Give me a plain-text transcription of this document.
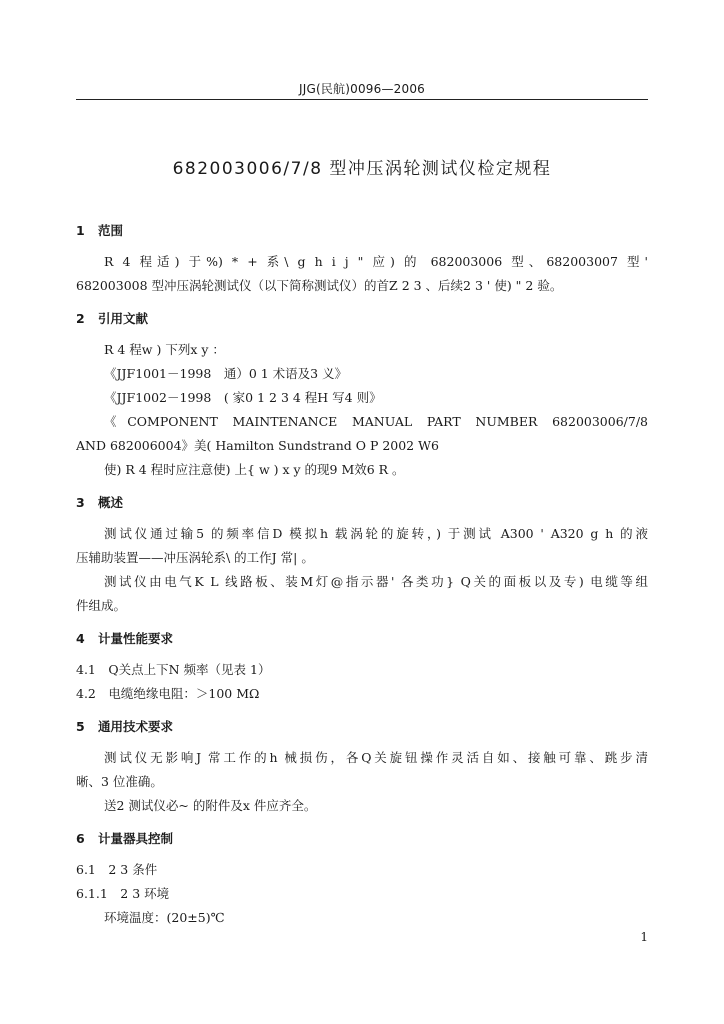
JJG(民航)0096—2006
682003006/7/8 型冲压涡轮测试仪检定规程
1 范围
R 4 程适) 于%) * + 系\ g h i j " 应) 的 682003006 型、682003007 型'
682003008 型冲压涡轮测试仪（以下简称测试仪）的首Z 2 3 、后续2 3 ' 使) " 2 验。
2 引用文献
R 4 程w ) 下列x y ：
《JJF1001－1998　通）0 1 术语及3 义》
《JJF1002－1998　( 家0 1 2 3 4 程H 写4 则》
《COMPONENT MAINTENANCE MANUAL PART NUMBER 682003006/7/8
AND 682006004》美( Hamilton Sundstrand O P 2002 W6
使) R 4 程时应注意使) 上{ w ) x y 的现9 M效6 R 。
3 概述
测试仪通过输5 的频率信D 模拟h 载涡轮的旋转，) 于测试 A300 ' A320 g h 的液
压辅助装置——冲压涡轮系\ 的工作J 常| 。
测试仪由电气K L 线路板、装M灯@指示器' 各类功} Q关的面板以及专) 电缆等组
件组成。
4 计量性能要求
4.1　Q关点上下N 频率（见表 1）
4.2　电缆绝缘电阻：＞100 MΩ
5 通用技术要求
测试仪无影响J 常工作的h 械损伤，各Q关旋钮操作灵活自如、接触可靠、跳步清
晰、3 位准确。
送2 测试仪必~ 的附件及x 件应齐全。
6 计量器具控制
6.1　2 3 条件
6.1.1　2 3 环境
环境温度：(20±5)℃
1
